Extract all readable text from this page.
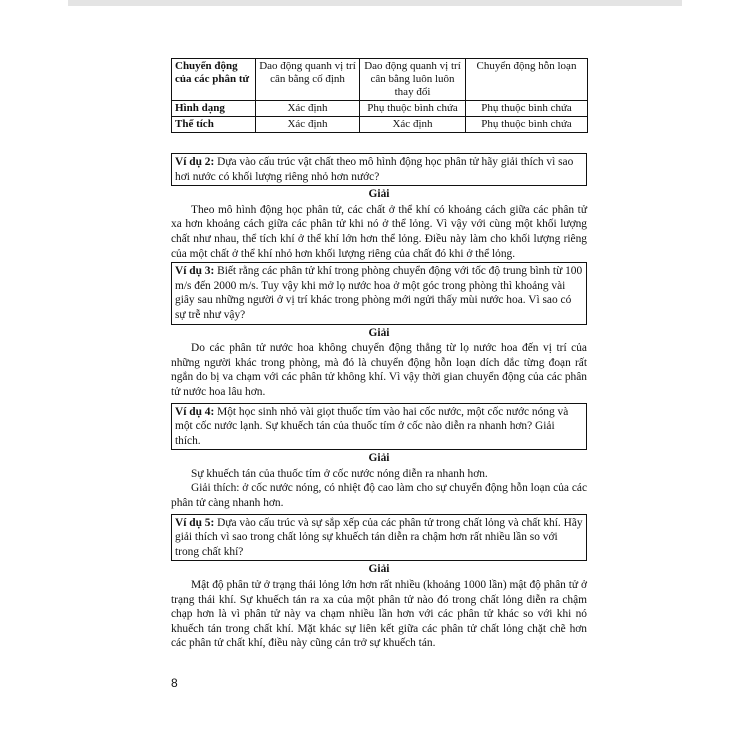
Chuyển động của các phân tử	Dao động quanh vị trí cân bằng cố định	Dao động quanh vị trí cân bằng luôn luôn thay đổi	Chuyển động hỗn loạn
Hình dạng	Xác định	Phụ thuộc bình chứa	Phụ thuộc bình chứa
Thể tích	Xác định	Xác định	Phụ thuộc bình chứa
Ví dụ 2: Dựa vào cấu trúc vật chất theo mô hình động học phân tử hãy giải thích vì sao hơi nước có khối lượng riêng nhỏ hơn nước?
Giải

Theo mô hình động học phân tử, các chất ở thể khí có khoảng cách giữa các phân tử xa hơn khoảng cách giữa các phân tử khi nó ở thể lỏng. Vì vậy với cùng một khối lượng chất như nhau, thể tích khí ở thể khí lớn hơn thể lỏng. Điều này làm cho khối lượng riêng của một chất ở thể khí nhỏ hơn khối lượng riêng của chất đó khi ở thể lỏng.

Ví dụ 3: Biết rằng các phân tử khí trong phòng chuyển động với tốc độ trung bình từ 100 m/s đến 2000 m/s. Tuy vậy khi mở lọ nước hoa ở một góc trong phòng thì khoảng vài giây sau những người ở vị trí khác trong phòng mới ngửi thấy mùi nước hoa. Vì sao có sự trễ như vậy?
Giải

Do các phân tử nước hoa không chuyển động thẳng từ lọ nước hoa đến vị trí của những người khác trong phòng, mà đó là chuyển động hỗn loạn dích dắc từng đoạn rất ngắn do bị va chạm với các phân tử không khí. Vì vậy thời gian chuyển động của các phân tử nước hoa lâu hơn.

Ví dụ 4: Một học sinh nhỏ vài giọt thuốc tím vào hai cốc nước, một cốc nước nóng và một cốc nước lạnh. Sự khuếch tán của thuốc tím ở cốc nào diễn ra nhanh hơn? Giải thích.
Giải

Sự khuếch tán của thuốc tím ở cốc nước nóng diễn ra nhanh hơn.

Giải thích: ở cốc nước nóng, có nhiệt độ cao làm cho sự chuyển động hỗn loạn của các phân tử càng nhanh hơn.

Ví dụ 5: Dựa vào cấu trúc và sự sắp xếp của các phân tử trong chất lỏng và chất khí. Hãy giải thích vì sao trong chất lỏng sự khuếch tán diễn ra chậm hơn rất nhiều lần so với trong chất khí?
Giải

Mật độ phân tử ở trạng thái lỏng lớn hơn rất nhiều (khoảng 1000 lần) mật độ phân tử ở trạng thái khí. Sự khuếch tán ra xa của một phân tử nào đó trong chất lỏng diễn ra chậm chạp hơn là vì phân tử này va chạm nhiều lần hơn với các phân tử khác so với khi nó khuếch tán trong chất khí. Mặt khác sự liên kết giữa các phân tử chất lỏng chặt chẽ hơn các phân tử chất khí, điều này cũng cản trở sự khuếch tán.

8
